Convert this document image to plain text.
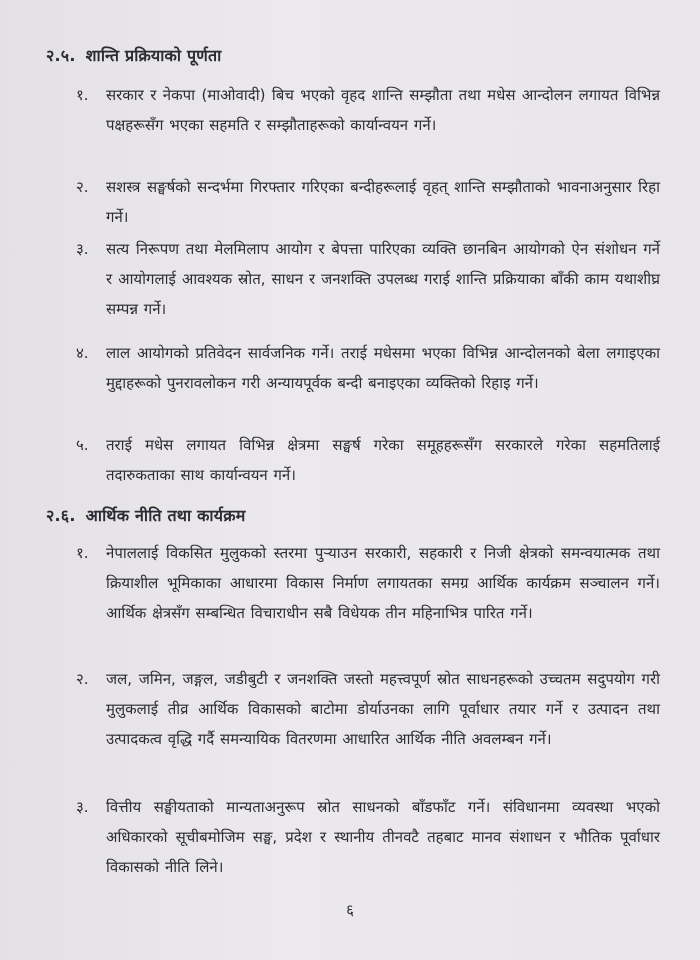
२.५. शान्ति प्रक्रियाको पूर्णता
१. सरकार र नेकपा (माओवादी) बिच भएको वृहद शान्ति सम्झौता तथा मधेस आन्दोलन लगायत विभिन्न पक्षहरूसँग भएका सहमति र सम्झौताहरूको कार्यान्वयन गर्ने।
२. सशस्त्र सङ्घर्षको सन्दर्भमा गिरफ्तार गरिएका बन्दीहरूलाई वृहत् शान्ति सम्झौताको भावनाअनुसार रिहा गर्ने।
३. सत्य निरूपण तथा मेलमिलाप आयोग र बेपत्ता पारिएका व्यक्ति छानबिन आयोगको ऐन संशोधन गर्ने र आयोगलाई आवश्यक स्रोत, साधन र जनशक्ति उपलब्ध गराई शान्ति प्रक्रियाका बाँकी काम यथाशीघ्र सम्पन्न गर्ने।
४. लाल आयोगको प्रतिवेदन सार्वजनिक गर्ने। तराई मधेसमा भएका विभिन्न आन्दोलनको बेला लगाइएका मुद्दाहरूको पुनरावलोकन गरी अन्यायपूर्वक बन्दी बनाइएका व्यक्तिको रिहाइ गर्ने।
५. तराई मधेस लगायत विभिन्न क्षेत्रमा सङ्घर्ष गरेका समूहहरूसँग सरकारले गरेका सहमतिलाई तदारुकताका साथ कार्यान्वयन गर्ने।
२.६. आर्थिक नीति तथा कार्यक्रम
१. नेपाललाई विकसित मुलुकको स्तरमा पुऱ्याउन सरकारी, सहकारी र निजी क्षेत्रको समन्वयात्मक तथा क्रियाशील भूमिकाका आधारमा विकास निर्माण लगायतका समग्र आर्थिक कार्यक्रम सञ्चालन गर्ने। आर्थिक क्षेत्रसँग सम्बन्धित विचाराधीन सबै विधेयक तीन महिनाभित्र पारित गर्ने।
२. जल, जमिन, जङ्गल, जडीबुटी र जनशक्ति जस्तो महत्त्वपूर्ण स्रोत साधनहरूको उच्चतम सदुपयोग गरी मुलुकलाई तीव्र आर्थिक विकासको बाटोमा डोर्याउनका लागि पूर्वाधार तयार गर्ने र उत्पादन तथा उत्पादकत्व वृद्धि गर्दै समन्यायिक वितरणमा आधारित आर्थिक नीति अवलम्बन गर्ने।
३. वित्तीय सङ्घीयताको मान्यताअनुरूप स्रोत साधनको बाँडफाँट गर्ने। संविधानमा व्यवस्था भएको अधिकारको सूचीबमोजिम सङ्घ, प्रदेश र स्थानीय तीनवटै तहबाट मानव संशाधन र भौतिक पूर्वाधार विकासको नीति लिने।
६
